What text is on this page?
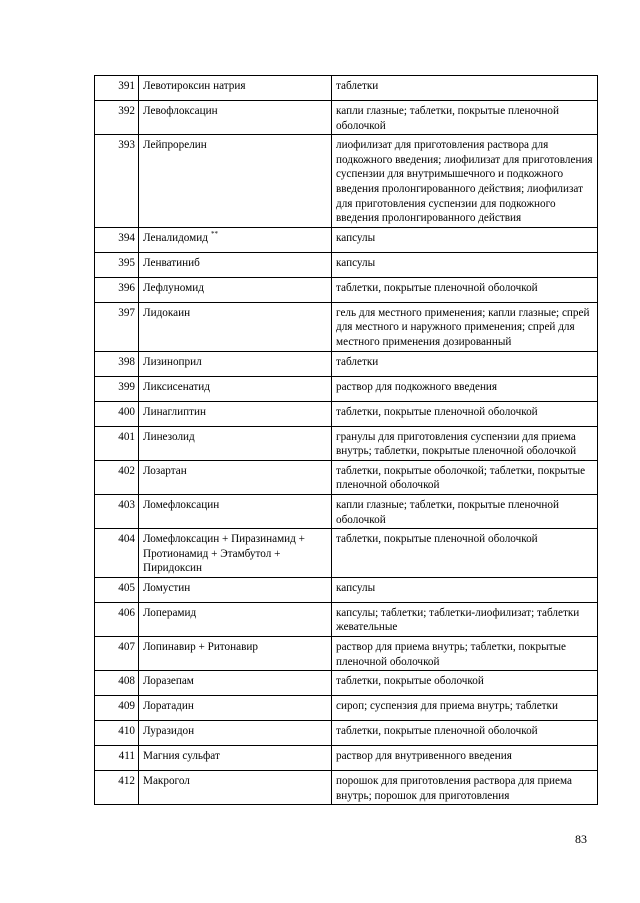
391	Левотироксин натрия	таблетки
392	Левофлоксацин	капли глазные; таблетки, покрытые пленочной оболочкой
393	Лейпрорелин	лиофилизат для приготовления раствора для подкожного введения; лиофилизат для приготовления суспензии для внутримышечного и подкожного введения пролонгированного действия; лиофилизат для приготовления суспензии для подкожного введения пролонгированного действия
394	Леналидомид **	капсулы
395	Ленватиниб	капсулы
396	Лефлуномид	таблетки, покрытые пленочной оболочкой
397	Лидокаин	гель для местного применения; капли глазные; спрей для местного и наружного применения; спрей для местного применения дозированный
398	Лизиноприл	таблетки
399	Ликсисенатид	раствор для подкожного введения
400	Линаглиптин	таблетки, покрытые пленочной оболочкой
401	Линезолид	гранулы для приготовления суспензии для приема внутрь; таблетки, покрытые пленочной оболочкой
402	Лозартан	таблетки, покрытые оболочкой; таблетки, покрытые пленочной оболочкой
403	Ломефлоксацин	капли глазные; таблетки, покрытые пленочной оболочкой
404	Ломефлоксацин + Пиразинамид + Протионамид + Этамбутол + Пиридоксин	таблетки, покрытые пленочной оболочкой
405	Ломустин	капсулы
406	Лоперамид	капсулы; таблетки; таблетки-лиофилизат; таблетки жевательные
407	Лопинавир + Ритонавир	раствор для приема внутрь; таблетки, покрытые пленочной оболочкой
408	Лоразепам	таблетки, покрытые оболочкой
409	Лоратадин	сироп; суспензия для приема внутрь; таблетки
410	Луразидон	таблетки, покрытые пленочной оболочкой
411	Магния сульфат	раствор для внутривенного введения
412	Макрогол	порошок для приготовления раствора для приема внутрь; порошок для приготовления
83
